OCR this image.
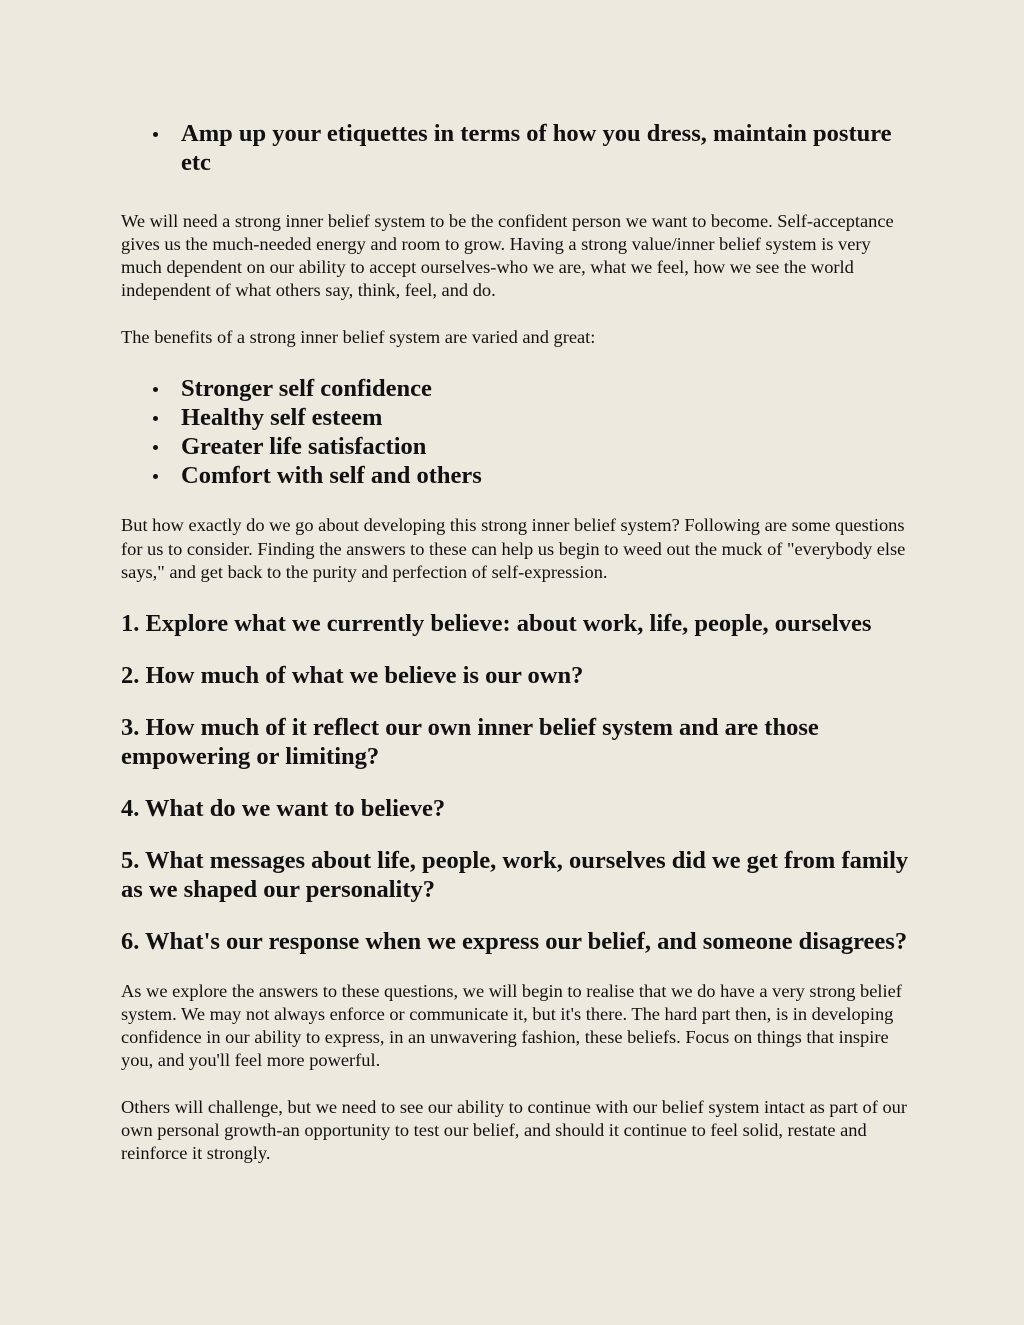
Amp up your etiquettes in terms of how you dress, maintain posture etc

We will need a strong inner belief system to be the confident person we want to become. Self-acceptance gives us the much-needed energy and room to grow. Having a strong value/inner belief system is very much dependent on our ability to accept ourselves-who we are, what we feel, how we see the world independent of what others say, think, feel, and do.

The benefits of a strong inner belief system are varied and great:

Stronger self confidence
Healthy self esteem
Greater life satisfaction
Comfort with self and others

But how exactly do we go about developing this strong inner belief system? Following are some questions for us to consider. Finding the answers to these can help us begin to weed out the muck of "everybody else says," and get back to the purity and perfection of self-expression.

1. Explore what we currently believe: about work, life, people, ourselves
2. How much of what we believe is our own?
3. How much of it reflect our own inner belief system and are those empowering or limiting?
4. What do we want to believe?
5. What messages about life, people, work, ourselves did we get from family as we shaped our personality?
6. What's our response when we express our belief, and someone disagrees?

As we explore the answers to these questions, we will begin to realise that we do have a very strong belief system. We may not always enforce or communicate it, but it's there. The hard part then, is in developing confidence in our ability to express, in an unwavering fashion, these beliefs. Focus on things that inspire you, and you'll feel more powerful.

Others will challenge, but we need to see our ability to continue with our belief system intact as part of our own personal growth-an opportunity to test our belief, and should it continue to feel solid, restate and reinforce it strongly.
